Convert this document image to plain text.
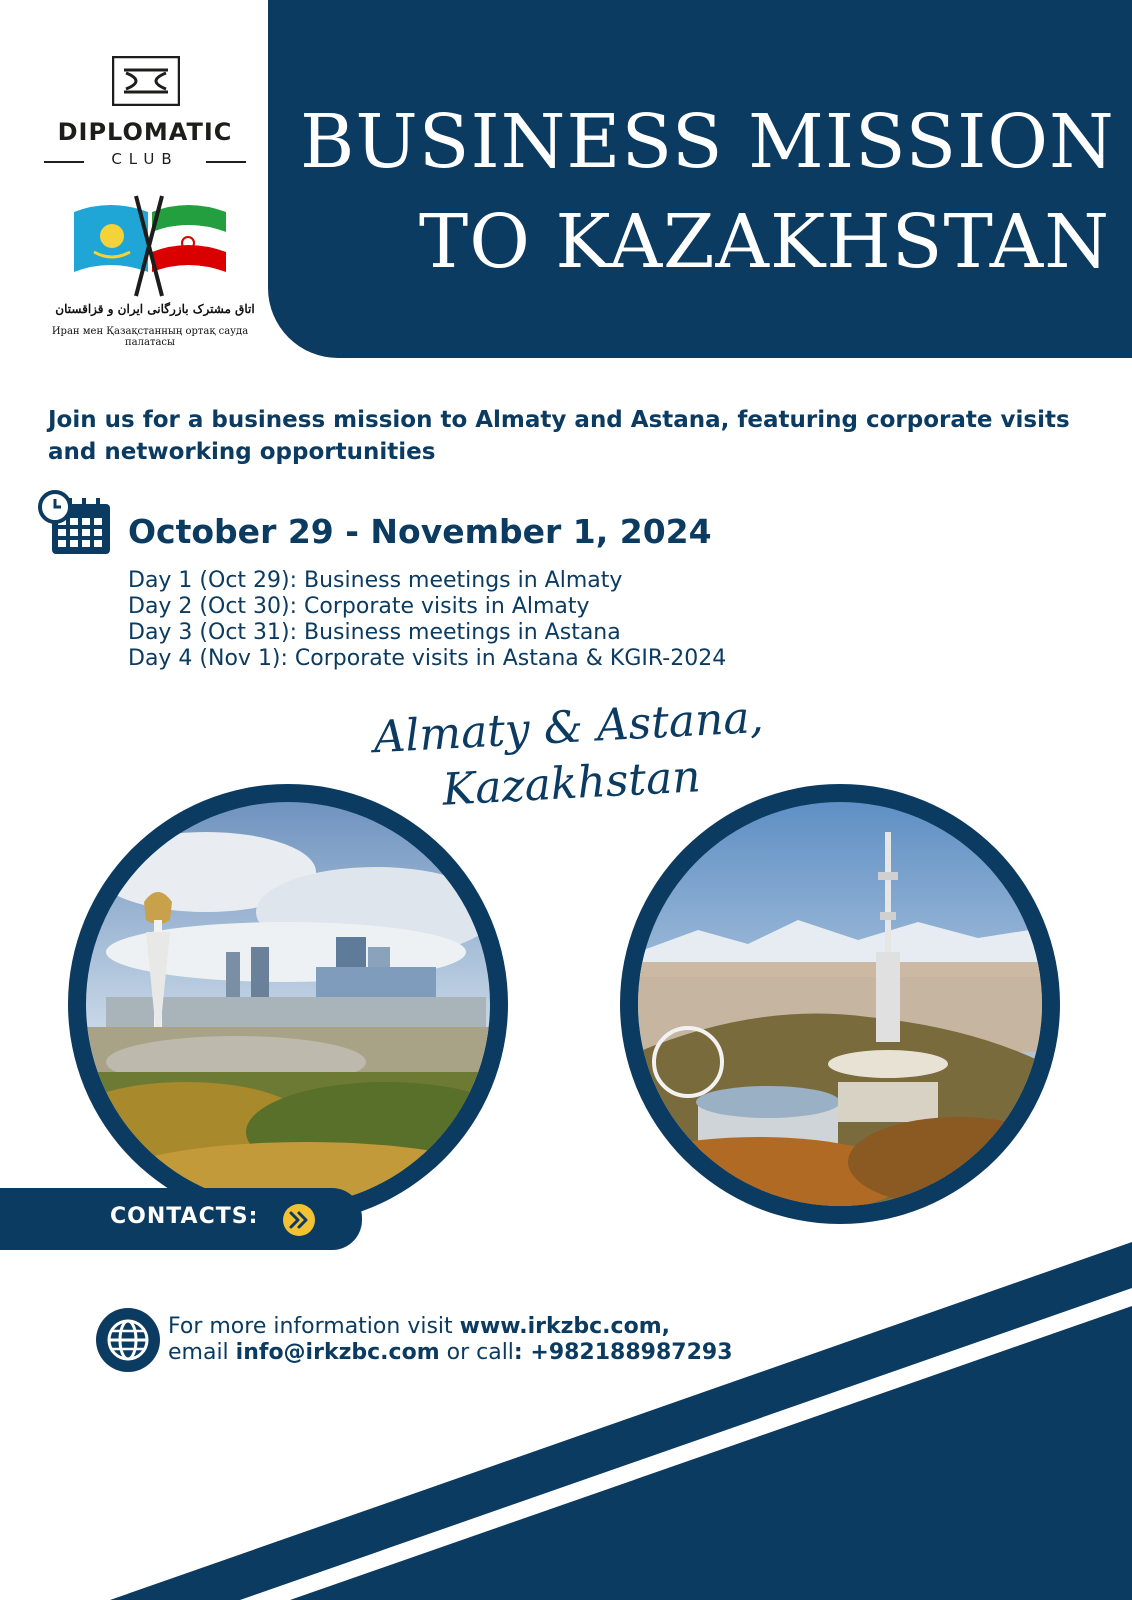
BUSINESS MISSION
TO KAZAKHSTAN
DIPLOMATIC
CLUB
اتاق مشترک بازرگانی ایران و قزاقستان
Иран мен Қазақстанның ортақ сауда палатасы
Join us for a business mission to Almaty and Astana, featuring corporate visits and networking opportunities
October 29 - November 1, 2024
Day 1 (Oct 29): Business meetings in Almaty
Day 2 (Oct 30): Corporate visits in Almaty
Day 3 (Oct 31): Business meetings in Astana
Day 4 (Nov 1): Corporate visits in Astana & KGIR-2024
Almaty & Astana,
Kazakhstan
CONTACTS:
For more information visit www.irkzbc.com,
email info@irkzbc.com or call: +982188987293
